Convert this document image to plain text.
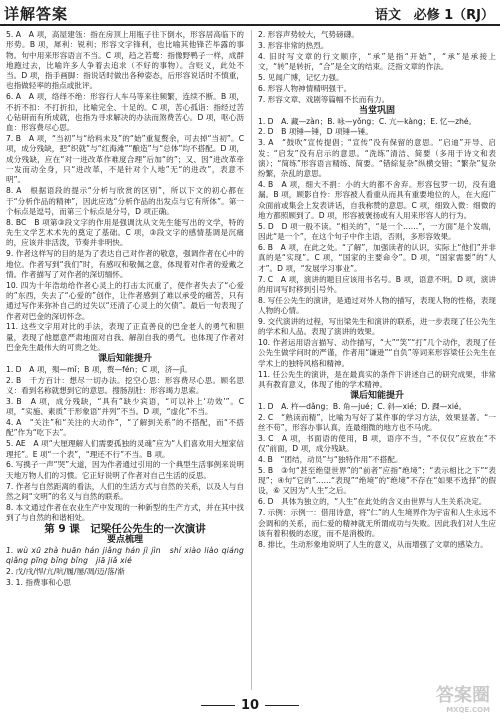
详解答案	语文 必修 1（RJ）

5. A　A 项，高屋建瓴：指在房顶上用瓶子往下倒水，形容居高临下的形势。B 项，犀利：锐利；形容文字锋利，也比喻其他锋芒毕露的事物。句中用来形容语言不当。C 项，趋之若鹜：指像野鸭子一样，成群地跑过去，比喻许多人争着去追求（不好的事物）。含贬义，此处不当。D 项，指手画脚：指说话时做出各种姿态，后形容说话时不慎重，也指做轻率的指点或批评。

6. A　A 项，络绎不绝：形容行人车马等来往频繁，连续不断。B 项，不折不扣：不打折扣，比喻完全、十足的。C 项，苦心孤诣：指经过苦心钻研而有所成就，也指为寻求解决的办法而煞费苦心。D 项，呕心沥血：形容费尽心思。

7. B　A 项，“当初”与“给料未及”的“始”重复赘余，可去掉“当初”。C 项，成分残缺，把“织就”与“红海滩”“酿造”与“总体”均不搭配。D 项，成分残缺，应在“对一进改革作难度合理”后加“的”；又、因“进改革牵一发而动全身，只“进改革，不是针对个人地”无“的进改”，表意不明”。

8. A　根据语段的提示“分析与欣赏的区别”，所以下文的初心都在于“分析作品的精神”，因此应选“分析作品的出发点与它有所体”。第一个标点是逗号，而第三个标点是分号，D 项正确。

8. BC　B 项第③段文字的作用是强调沈从文先生能写出的文学，特的先生文学艺术术先的奠定了基础。C 项，③段文字的感情基调是沉痛的，应该并非活泼，节奏并非明快。

9. 作者这样写的目的是为了表达自己对作者的敬意，强调作者在心中的地位。作者写到“我们”时，有感叹和敬佩之意，体现着对作者的爱戴之情。作者描写了对作者的深切缅怀。

10. 四为十年浩劫给作者心灵上的打击太沉重了，使作者失去了“心爱的”东西，失去了“心爱的”创作，让作者感到了难以承受的痛苦，只有通过写作来弥补自己的过失以“还清了心灵上的欠债”。最后一句表现了作者对巴金的深切怀念。

11. 这些文字用对比的手法，表现了正直善良的巴金老人的勇气和胆量，表现了他愿意严肃地面对自我、解剖自我的勇气。也体现了作者对巴金先生最伟大的可贵之处。

课后知能提升

1. D　A 项，殒—mǐ；B 项，赘—fén；C 项，济—jǐ。

2. B　千方百计：想尽一切办法。挖空心思：形容费尽心思。顾名思义：看到名称就想到它的意思。搜肠刮肚：形容竭力思索。

3. B　A 项，成分残缺，“具有”缺少宾语，“可以补上‘功效’”。C 项，“实施、素质”于形象语“并列”不当。D 项，“虚化”不当。

4. A　“关注”和“关注的大动作”，“了解到关系”的不搭配，而“不搭配”作为“吃下去”。

5. AE　A 项“大厘理解人们需要孤独的灵魂”应为“人们喜欢用大厘家信理托”。E 项“一个表”，“理还不行”不当。B 项。

6. 写携子一声“哭”大道，因为作者通过引用的一个典型生活事例来说明天地万物人们的习惯。它正好说明了作者对自己生活的反思。

7. 作者与自然距离的看法，人们的生活方式与自然的关系，以及人与自然之间“文明”的名义与自然的联系。

8. 本文通过作者在农业生产中发现的一种新型的生产方式，并在其中找到了与自然的和谐相处。

第 9 课　记梁任公先生的一次演讲

要点梳理

1. wù xū zhà huān hán jiǎng hán jì jìn　shí xiào liào qiáng qiǎng pīng bǐng bǐng　jiā jiǎ xié

2. 戊/戌/悍/亢/吭/履/屡/凋/迈/落/渐

3. 1. 指费事和心思

2. 形容声势较大，气势磅礴。

3. 形容非常的热烈。

4. 旧时写文章的行文顺序，“承”是指“开始”，“承”是承接上文，“转”是转折，“合”是全文的结束。泛指文章的作法。

5. 见闻广博，记忆力强。

6. 形容人物神情精明强干。

7. 形容文章、戏剧等篇幅不长而有力。

当堂巩固

1. D　A. 藏—zàn；B. 咏—yǒng；C. 亢—kàng；E. 忆—zhé。

2. D　B 项锤—锤，D 项锤—锤。

3. A　“鼓吹”宣传提倡；“宣传”没有保留的意思。“启迪”开导、启发；“启发”没有启示的意思。“洗练”清洁、简要（多用于诗文和表演）；“简练”形容语言精练、简要。“错綜复杂”纵横交错；“繁杂”复杂纷繁，杂乱的意思。

4. B　A 项，细大不捐：小的大的都不舍弃。形容包罗一切，没有遗漏。B 项，顾影自怜：形容被人看重从而具有重要地位的人，在大庭广众面前或集会上发表讲话，自我称赞的意思。C 项，细致入微：细微的地方都照顾到了。D 项，形容被褒扬或有人用来形容人的行为。

5. D　D 项一般不读。“相关的”，“是一个……”，一方面“是个发端，因此“是一个”，在这个句子中作主语，否则，多形容效果。

6. B　A 项，在此之处。“了解”，加强读者的认识，实际上“他们”并非真的是“实现”。C 项，“国家的主要命令”。D 项，“国家需要”的“人才”。D 项，“发展学习事业”。

7. C　A 项，演讲的题目应该用书名号。B 项，语意不明。D 项，演讲的用词写时移到引号外。

8. 写任公先生的演讲，是通过对外人物的描写，表现人物的性格，表现人物的心情。

9. 交代演讲的过程，写出梁先生和演讲的联系，进一步表现了任公先生的学术和人品。表现了演讲的效果。

10. 作者运用语言描写、动作描写，“大”“笑”“打”几个动作，表现了任公先生做学问时的严谨，作者用“谦逊”“自负”等词来形容梁任公先生在学术上的独特风格和精神。

11. 任公先生的演讲，是在最真实的条件下讲述自己的研究成果，非常具有教育意义，体现了他的学术精神。

课后知能提升

1. D　A. 杵—dǎng；B. 角—jué；C. 斜—xié；D. 踝—xié。

2. C　“熟读而精”，比喻为写好了某件事的学习方法，效果显著。“一丝不苟”，形容办事认真，连最细微的地方也不马虎。

3. C　A 项，书面语的使用，B 项，语序不当，“不仅仅”应放在“不仅”前面，D 项，成分残缺。

4. B　“团结，动员”与“独特作用”不搭配。

5. B　③句“甚至绝望世界”的“前者”应指“绝境”；“表示相比之下”“表现”；④句“它的”……“表现”“绝境”的“绝境”不存在“如果不选择”的假设，⑥ 又因为“人生”之后。

6. D　具体为独立的，“人生”在此处的含义由世界与人生关系决定。

7. 示例：示例一：借用诗意，将“仁”的人生境界作为宇宙和人生永远不会调和的关系，而仁爱的精神就无所谓成功与失败。因此我们对人生应该有着积极的态度，而不是消极的。

8. 排比，生动形象地说明了人生的意义，从而增强了文章的感染力。

10	答案圈
MXQE.COM
